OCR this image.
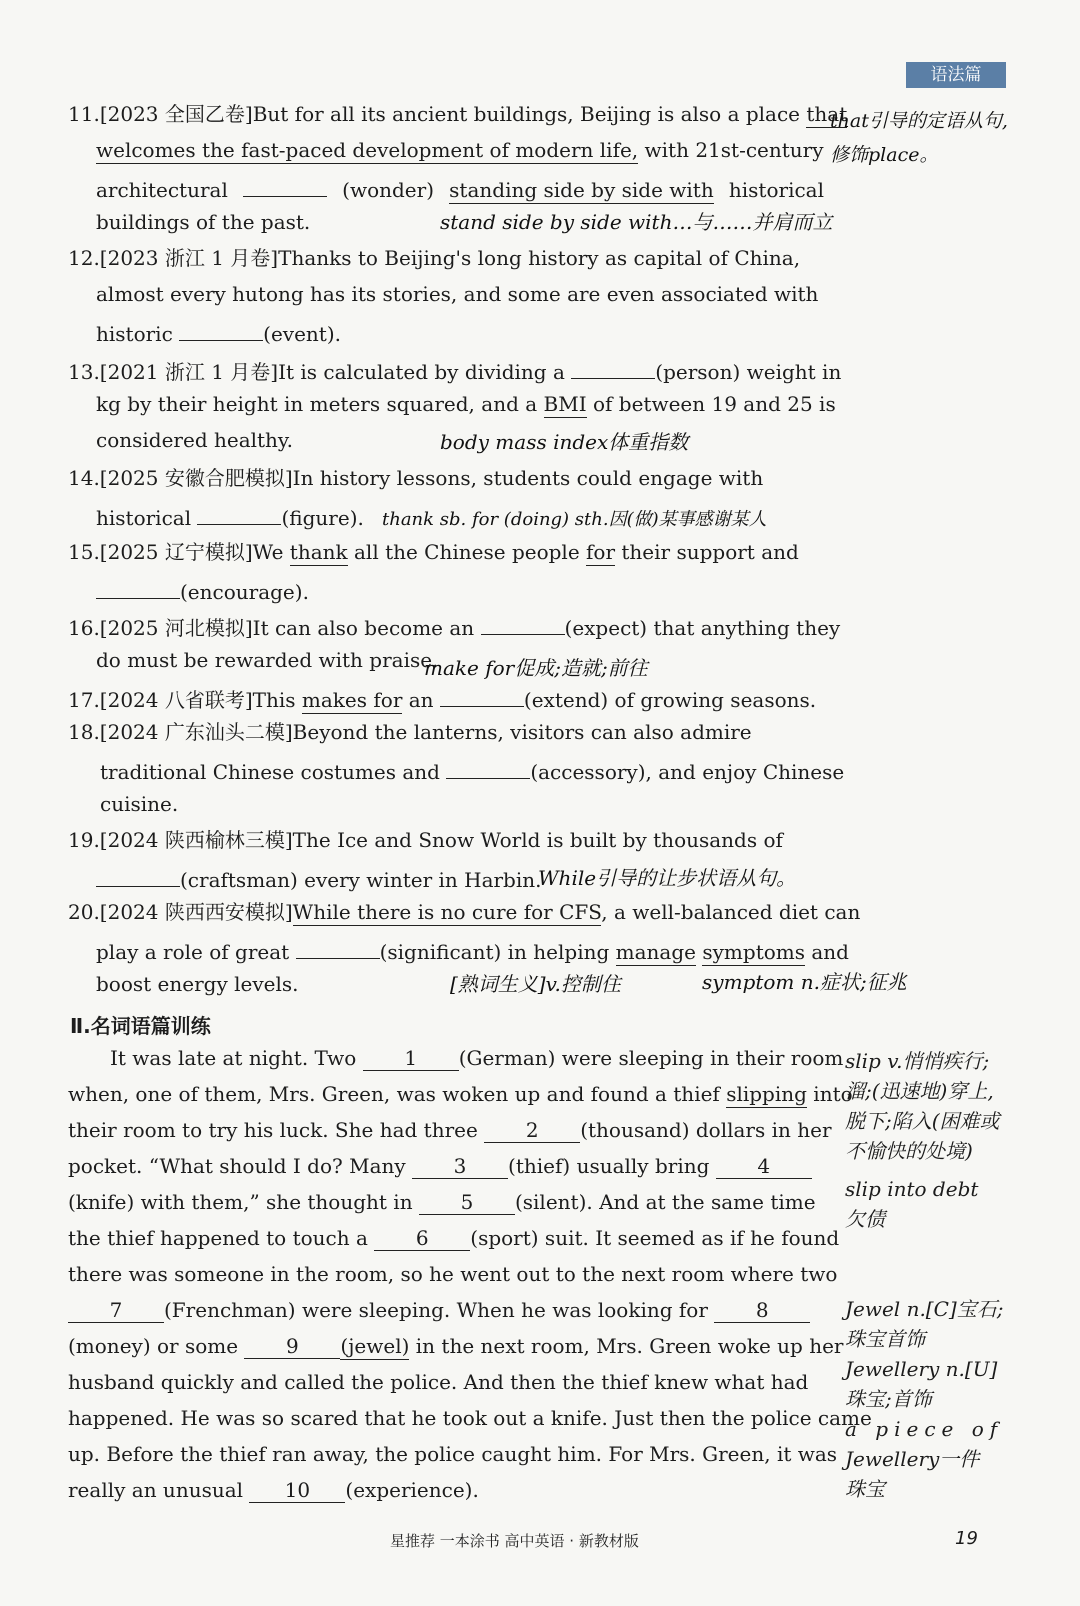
语法篇
11.[2023 全国乙卷]But for all its ancient buildings, Beijing is also a place that
that引导的定语从句,修饰place。
welcomes the fast-paced development of modern life, with 21st-century
architectural	(wonder) standing side by side with historical
buildings of the past.	stand side by side with…与……并肩而立
12.[2023 浙江 1 月卷]Thanks to Beijing's long history as capital of China,
almost every hutong has its stories, and some are even associated with
historic	(event).
13.[2021 浙江 1 月卷]It is calculated by dividing a	(person) weight in
kg by their height in meters squared, and a BMI of between 19 and 25 is
considered healthy.	body mass index体重指数
14.[2025 安徽合肥模拟]In history lessons, students could engage with
historical	(figure). thank sb. for (doing) sth.因(做)某事感谢某人
15.[2025 辽宁模拟]We thank all the Chinese people for their support and
(encourage).
16.[2025 河北模拟]It can also become an	(expect) that anything they
do must be rewarded with praise.
make for促成;造就;前往
17.[2024 八省联考]This makes for an	(extend) of growing seasons.
18.[2024 广东汕头二模]Beyond the lanterns, visitors can also admire
traditional Chinese costumes and	(accessory), and enjoy Chinese
cuisine.
19.[2024 陕西榆林三模]The Ice and Snow World is built by thousands of
(craftsman) every winter in Harbin.
While引导的让步状语从句。
20.[2024 陕西西安模拟]While there is no cure for CFS, a well-balanced diet can
play a role of great	(significant) in helping manage symptoms and
boost energy levels.	[熟词生义]v.控制住	symptom n.症状;征兆
Ⅱ.名词语篇训练
It was late at night. Two 1 (German) were sleeping in their room
when, one of them, Mrs. Green, was woken up and found a thief slipping into
their room to try his luck. She had three 2 (thousand) dollars in her
pocket. “What should I do? Many 3 (thief) usually bring 4
(knife) with them,” she thought in 5 (silent). And at the same time
the thief happened to touch a 6 (sport) suit. It seemed as if he found
there was someone in the room, so he went out to the next room where two
7 (Frenchman) were sleeping. When he was looking for 8
(money) or some 9 (jewel) in the next room, Mrs. Green woke up her
husband quickly and called the police. And then the thief knew what had
happened. He was so scared that he took out a knife. Just then the police came
up. Before the thief ran away, the police caught him. For Mrs. Green, it was
really an unusual 10 (experience).
slip v.悄悄疾行;
溜;(迅速地)穿上,
脱下;陷入(困难或
不愉快的处境)
slip into debt
欠债
Jewel n.[C]宝石;
珠宝首饰
Jewellery n.[U]
珠宝;首饰
a piece of
Jewellery一件
珠宝
星推荐 一本涂书 高中英语 · 新教材版	19
